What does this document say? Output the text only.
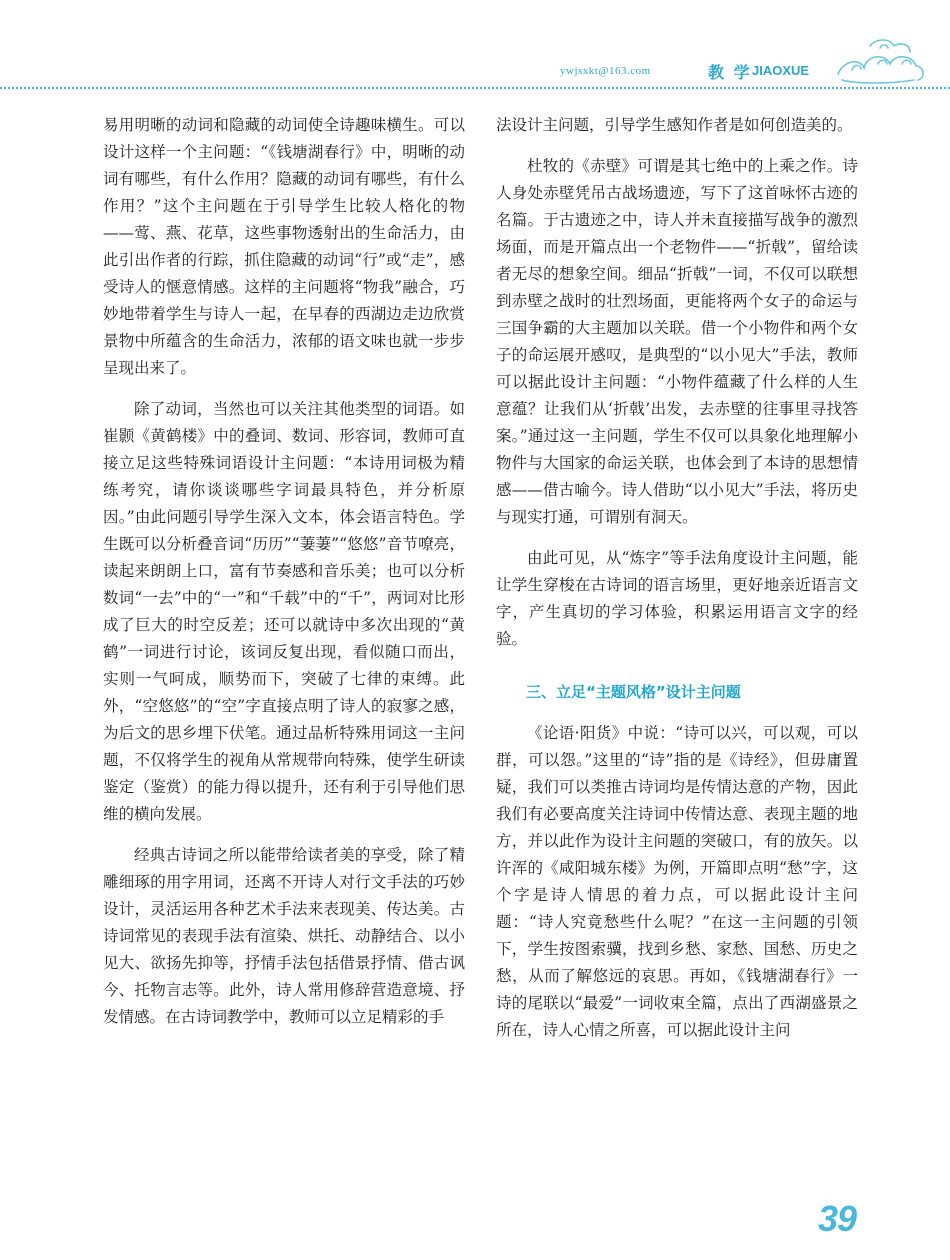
ywjsxkt@163.com	教 学 JIAOXUE

易用明晰的动词和隐藏的动词使全诗趣味横生。可以设计这样一个主问题：“《钱塘湖春行》中，明晰的动词有哪些，有什么作用？隐藏的动词有哪些，有什么作用？”这个主问题在于引导学生比较人格化的物——莺、燕、花草，这些事物透射出的生命活力，由此引出作者的行踪，抓住隐藏的动词“行”或“走”，感受诗人的惬意情感。这样的主问题将“物我”融合，巧妙地带着学生与诗人一起，在早春的西湖边走边欣赏景物中所蕴含的生命活力，浓郁的语文味也就一步步呈现出来了。

除了动词，当然也可以关注其他类型的词语。如崔颢《黄鹤楼》中的叠词、数词、形容词，教师可直接立足这些特殊词语设计主问题：“本诗用词极为精练考究，请你谈谈哪些字词最具特色，并分析原因。”由此问题引导学生深入文本，体会语言特色。学生既可以分析叠音词“历历”“萋萋”“悠悠”音节嘹亮，读起来朗朗上口，富有节奏感和音乐美；也可以分析数词“一去”中的“一”和“千载”中的“千”，两词对比形成了巨大的时空反差；还可以就诗中多次出现的“黄鹤”一词进行讨论，该词反复出现，看似随口而出，实则一气呵成，顺势而下，突破了七律的束缚。此外，“空悠悠”的“空”字直接点明了诗人的寂寥之感，为后文的思乡埋下伏笔。通过品析特殊用词这一主问题，不仅将学生的视角从常规带向特殊，使学生研读鉴定（鉴赏）的能力得以提升，还有利于引导他们思维的横向发展。

经典古诗词之所以能带给读者美的享受，除了精雕细琢的用字用词，还离不开诗人对行文手法的巧妙设计，灵活运用各种艺术手法来表现美、传达美。古诗词常见的表现手法有渲染、烘托、动静结合、以小见大、欲扬先抑等，抒情手法包括借景抒情、借古讽今、托物言志等。此外，诗人常用修辞营造意境、抒发情感。在古诗词教学中，教师可以立足精彩的手

法设计主问题，引导学生感知作者是如何创造美的。

杜牧的《赤壁》可谓是其七绝中的上乘之作。诗人身处赤壁凭吊古战场遗迹，写下了这首咏怀古迹的名篇。于古遗迹之中，诗人并未直接描写战争的激烈场面，而是开篇点出一个老物件——“折戟”，留给读者无尽的想象空间。细品“折戟”一词，不仅可以联想到赤壁之战时的壮烈场面，更能将两个女子的命运与三国争霸的大主题加以关联。借一个小物件和两个女子的命运展开感叹，是典型的“以小见大”手法，教师可以据此设计主问题：“小物件蕴藏了什么样的人生意蕴？让我们从‘折戟’出发，去赤壁的往事里寻找答案。”通过这一主问题，学生不仅可以具象化地理解小物件与大国家的命运关联，也体会到了本诗的思想情感——借古喻今。诗人借助“以小见大”手法，将历史与现实打通，可谓别有洞天。

由此可见，从“炼字”等手法角度设计主问题，能让学生穿梭在古诗词的语言场里，更好地亲近语言文字，产生真切的学习体验，积累运用语言文字的经验。

三、立足“主题风格”设计主问题

《论语·阳货》中说：“诗可以兴，可以观，可以群，可以怨。”这里的“诗”指的是《诗经》，但毋庸置疑，我们可以类推古诗词均是传情达意的产物，因此我们有必要高度关注诗词中传情达意、表现主题的地方，并以此作为设计主问题的突破口，有的放矢。以许浑的《咸阳城东楼》为例，开篇即点明“愁”字，这个字是诗人情思的着力点，可以据此设计主问题：“诗人究竟愁些什么呢？”在这一主问题的引领下，学生按图索骥，找到乡愁、家愁、国愁、历史之愁，从而了解悠远的哀思。再如，《钱塘湖春行》一诗的尾联以“最爱”一词收束全篇，点出了西湖盛景之所在，诗人心情之所喜，可以据此设计主问

39
